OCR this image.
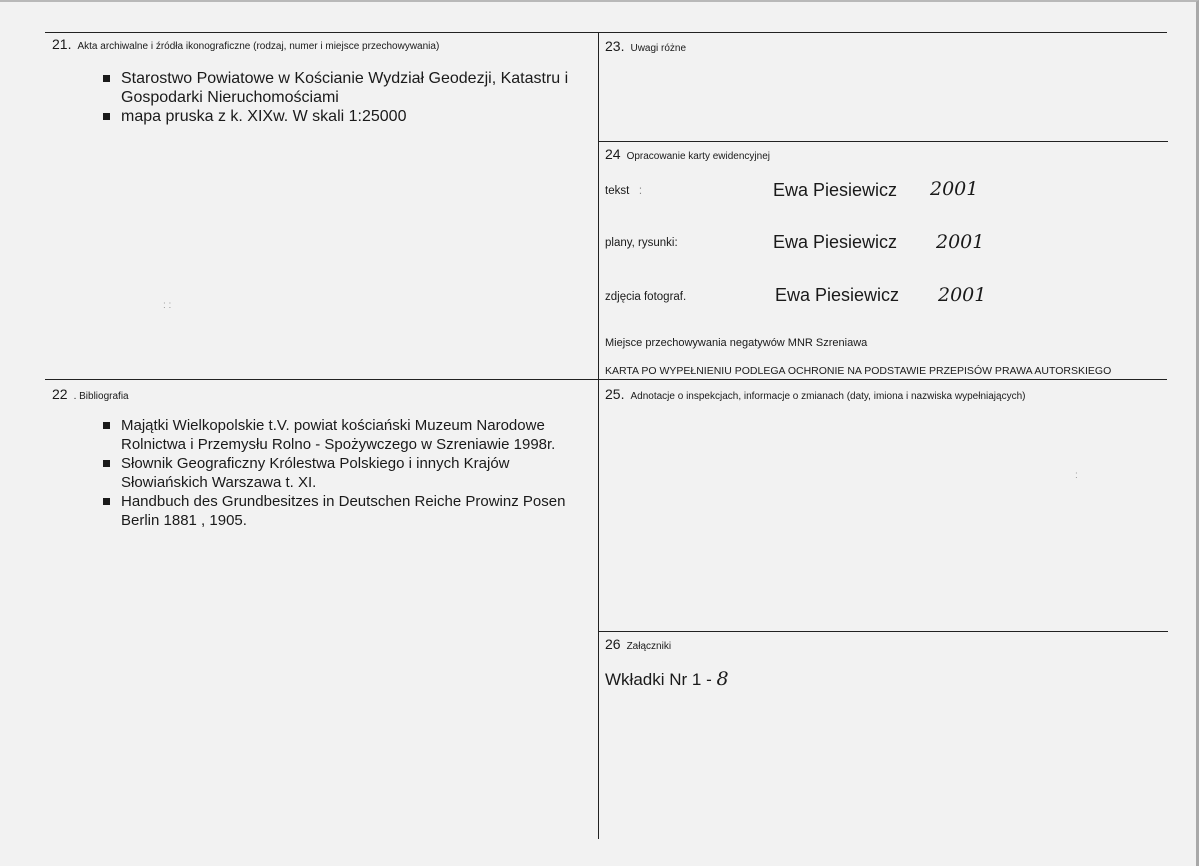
21. Akta archiwalne i źródła ikonograficzne (rodzaj, numer i miejsce przechowywania)
Starostwo Powiatowe w Kościanie Wydział Geodezji, Katastru i Gospodarki Nieruchomościami
mapa pruska z k. XIXw. W skali 1:25000
: :
22 . Bibliografia
Majątki Wielkopolskie t.V. powiat kościański Muzeum Narodowe Rolnictwa i Przemysłu Rolno - Spożywczego w Szreniawie 1998r.
Słownik Geograficzny Królestwa Polskiego i innych Krajów Słowiańskich Warszawa t. XI.
Handbuch des Grundbesitzes in Deutschen Reiche Prowinz Posen Berlin 1881 , 1905.
23. Uwagi różne
24 Opracowanie karty ewidencyjnej
tekst :	Ewa Piesiewicz 2001
plany, rysunki:	Ewa Piesiewicz 2001
zdjęcia fotograf.	Ewa Piesiewicz 2001
Miejsce przechowywania negatywów MNR Szreniawa
KARTA PO WYPEŁNIENIU PODLEGA OCHRONIE NA PODSTAWIE PRZEPISÓW PRAWA AUTORSKIEGO
25. Adnotacje o inspekcjach, informacje o zmianach (daty, imiona i nazwiska wypełniających)
:
26 Załączniki
Wkładki Nr 1 - 8
